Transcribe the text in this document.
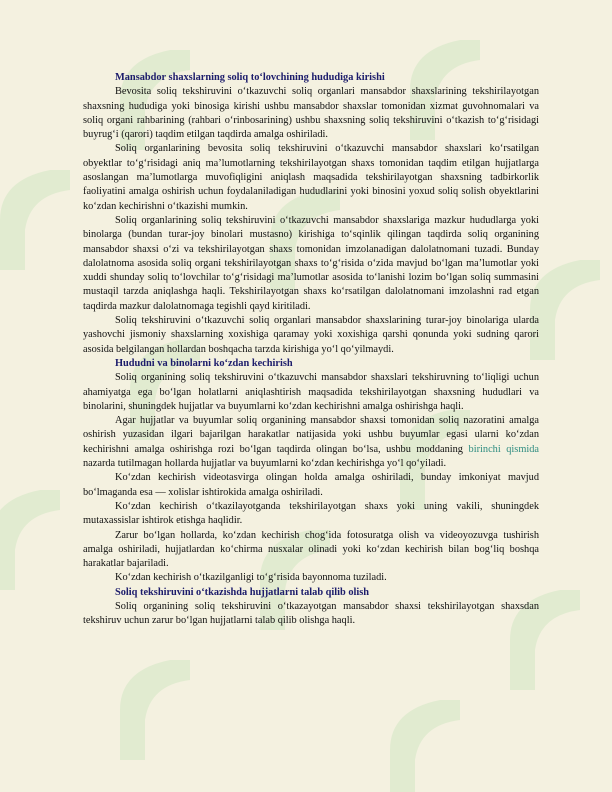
Mansabdor shaxslarning soliq to‘lovchining hududiga kirishi

Bevosita soliq tekshiruvini o‘tkazuvchi soliq organlari mansabdor shaxslarining tekshirilayotgan shaxsning hududiga yoki binosiga kirishi ushbu mansabdor shaxslar tomonidan xizmat guvohnomalari va soliq organi rahbarining (rahbari o‘rinbosarining) ushbu shaxsning soliq tekshiruvini o‘tkazish to‘g‘risidagi buyrug‘i (qarori) taqdim etilgan taqdirda amalga oshiriladi.

Soliq organlarining bevosita soliq tekshiruvini o‘tkazuvchi mansabdor shaxslari ko‘rsatilgan obyektlar to‘g‘risidagi aniq ma’lumotlarning tekshirilayotgan shaxs tomonidan taqdim etilgan hujjatlarga asoslangan ma’lumotlarga muvofiqligini aniqlash maqsadida tekshirilayotgan shaxsning tadbirkorlik faoliyatini amalga oshirish uchun foydalaniladigan hududlarini yoki binosini yoxud soliq solish obyektlarini ko‘zdan kechirishni o‘tkazishi mumkin.

Soliq organlarining soliq tekshiruvini o‘tkazuvchi mansabdor shaxslariga mazkur hududlarga yoki binolarga (bundan turar-joy binolari mustasno) kirishiga to‘sqinlik qilingan taqdirda soliq organining mansabdor shaxsi o‘zi va tekshirilayotgan shaxs tomonidan imzolanadigan dalolatnomani tuzadi. Bunday dalolatnoma asosida soliq organi tekshirilayotgan shaxs to‘g‘risida o‘zida mavjud bo‘lgan ma’lumotlar yoki xuddi shunday soliq to‘lovchilar to‘g‘risidagi ma’lumotlar asosida to‘lanishi lozim bo‘lgan soliq summasini mustaqil tarzda aniqlashga haqli. Tekshirilayotgan shaxs ko‘rsatilgan dalolatnomani imzolashni rad etgan taqdirda mazkur dalolatnomaga tegishli qayd kiritiladi.

Soliq tekshiruvini o‘tkazuvchi soliq organlari mansabdor shaxslarining turar-joy binolariga ularda yashovchi jismoniy shaxslarning xoxishiga qaramay yoki xoxishiga qarshi qonunda yoki sudning qarori asosida belgilangan hollardan boshqacha tarzda kirishiga yo‘l qo‘yilmaydi.

Hududni va binolarni ko‘zdan kechirish

Soliq organining soliq tekshiruvini o‘tkazuvchi mansabdor shaxslari tekshiruvning to‘liqligi uchun ahamiyatga ega bo‘lgan holatlarni aniqlashtirish maqsadida tekshirilayotgan shaxsning hududlari va binolarini, shuningdek hujjatlar va buyumlarni ko‘zdan kechirishni amalga oshirishga haqli.

Agar hujjatlar va buyumlar soliq organining mansabdor shaxsi tomonidan soliq nazoratini amalga oshirish yuzasidan ilgari bajarilgan harakatlar natijasida yoki ushbu buyumlar egasi ularni ko‘zdan kechirishni amalga oshirishga rozi bo‘lgan taqdirda olingan bo‘lsa, ushbu moddaning birinchi qismida nazarda tutilmagan hollarda hujjatlar va buyumlarni ko‘zdan kechirishga yo‘l qo‘yiladi.

Ko‘zdan kechirish videotasvirga olingan holda amalga oshiriladi, bunday imkoniyat mavjud bo‘lmaganda esa — xolislar ishtirokida amalga oshiriladi.

Ko‘zdan kechirish o‘tkazilayotganda tekshirilayotgan shaxs yoki uning vakili, shuningdek mutaxassislar ishtirok etishga haqlidir.

Zarur bo‘lgan hollarda, ko‘zdan kechirish chog‘ida fotosuratga olish va videoyozuvga tushirish amalga oshiriladi, hujjatlardan ko‘chirma nusxalar olinadi yoki ko‘zdan kechirish bilan bog‘liq boshqa harakatlar bajariladi.

Ko‘zdan kechirish o‘tkazilganligi to‘g‘risida bayonnoma tuziladi.

Soliq tekshiruvini o‘tkazishda hujjatlarni talab qilib olish

Soliq organining soliq tekshiruvini o‘tkazayotgan mansabdor shaxsi tekshirilayotgan shaxsdan tekshiruv uchun zarur bo‘lgan hujjatlarni talab qilib olishga haqli.
